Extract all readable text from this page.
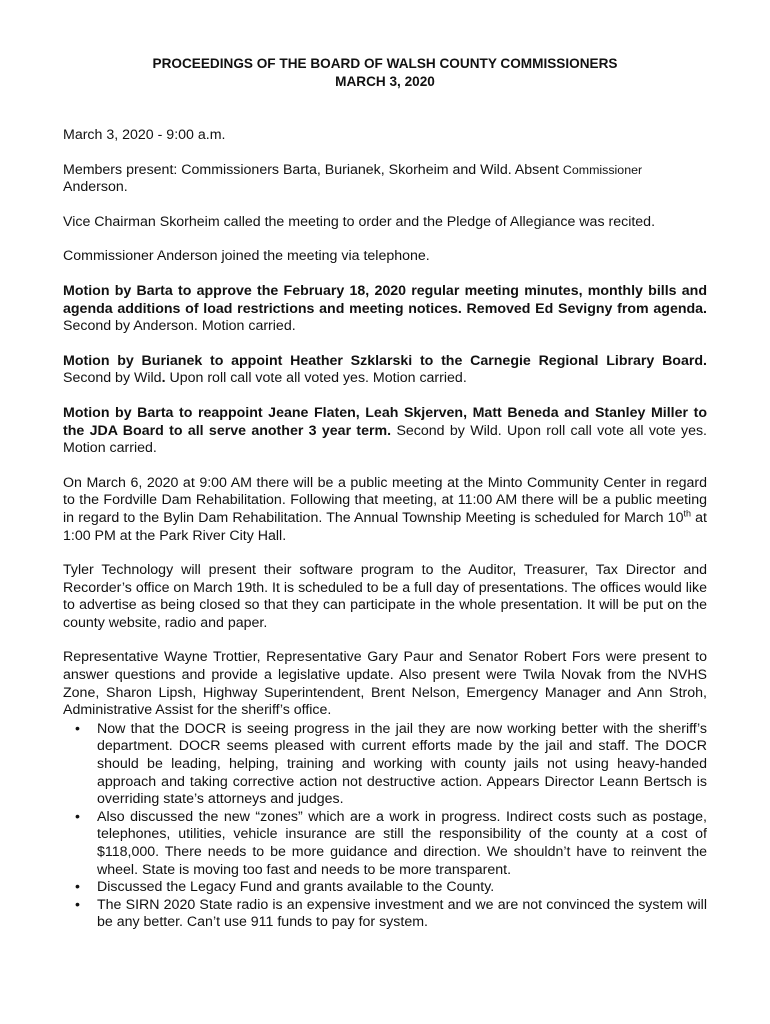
PROCEEDINGS OF THE BOARD OF WALSH COUNTY COMMISSIONERS
MARCH 3, 2020

March 3, 2020 - 9:00 a.m.

Members present: Commissioners Barta, Burianek, Skorheim and Wild. Absent Commissioner
Anderson.

Vice Chairman Skorheim called the meeting to order and the Pledge of Allegiance was recited.

Commissioner Anderson joined the meeting via telephone.

Motion by Barta to approve the February 18, 2020 regular meeting minutes, monthly bills and agenda additions of load restrictions and meeting notices. Removed Ed Sevigny from agenda. Second by Anderson. Motion carried.

Motion by Burianek to appoint Heather Szklarski to the Carnegie Regional Library Board. Second by Wild. Upon roll call vote all voted yes. Motion carried.

Motion by Barta to reappoint Jeane Flaten, Leah Skjerven, Matt Beneda and Stanley Miller to the JDA Board to all serve another 3 year term. Second by Wild. Upon roll call vote all vote yes. Motion carried.

On March 6, 2020 at 9:00 AM there will be a public meeting at the Minto Community Center in regard to the Fordville Dam Rehabilitation. Following that meeting, at 11:00 AM there will be a public meeting in regard to the Bylin Dam Rehabilitation. The Annual Township Meeting is scheduled for March 10th at 1:00 PM at the Park River City Hall.

Tyler Technology will present their software program to the Auditor, Treasurer, Tax Director and Recorder’s office on March 19th. It is scheduled to be a full day of presentations. The offices would like to advertise as being closed so that they can participate in the whole presentation. It will be put on the county website, radio and paper.

Representative Wayne Trottier, Representative Gary Paur and Senator Robert Fors were present to answer questions and provide a legislative update. Also present were Twila Novak from the NVHS Zone, Sharon Lipsh, Highway Superintendent, Brent Nelson, Emergency Manager and Ann Stroh, Administrative Assist for the sheriff’s office.

• Now that the DOCR is seeing progress in the jail they are now working better with the sheriff’s department. DOCR seems pleased with current efforts made by the jail and staff. The DOCR should be leading, helping, training and working with county jails not using heavy-handed approach and taking corrective action not destructive action. Appears Director Leann Bertsch is overriding state’s attorneys and judges.
• Also discussed the new “zones” which are a work in progress. Indirect costs such as postage, telephones, utilities, vehicle insurance are still the responsibility of the county at a cost of $118,000. There needs to be more guidance and direction. We shouldn’t have to reinvent the wheel. State is moving too fast and needs to be more transparent.
• Discussed the Legacy Fund and grants available to the County.
• The SIRN 2020 State radio is an expensive investment and we are not convinced the system will be any better. Can’t use 911 funds to pay for system.
